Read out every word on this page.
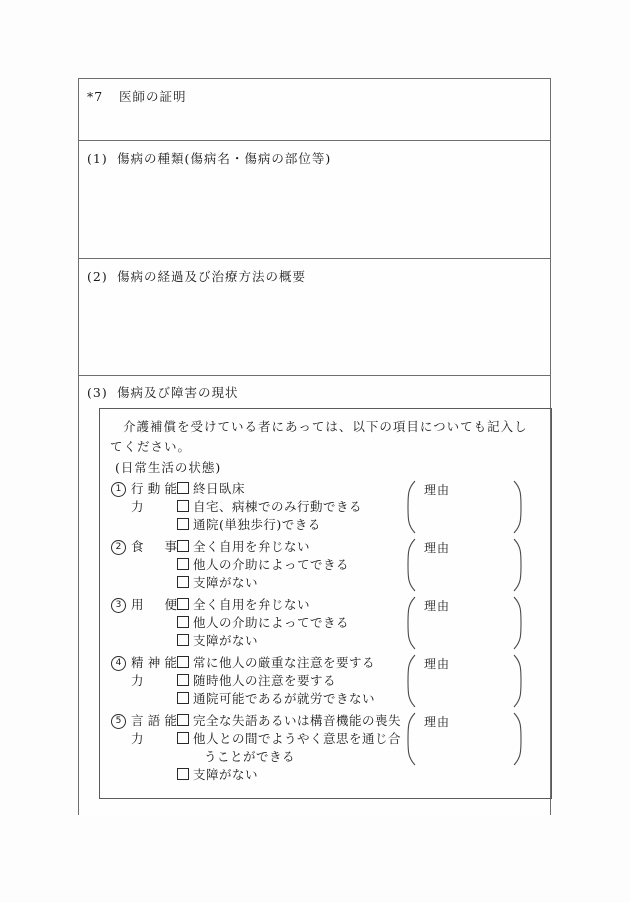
*7 医師の証明
(1) 傷病の種類(傷病名・傷病の部位等)
(2) 傷病の経過及び治療方法の概要
(3) 傷病及び障害の現状

介護補償を受けている者にあっては、以下の項目についても記入してください。

(日常生活の状態)

1 行動能力
終日臥床
自宅、病棟でのみ行動できる
通院(単独歩行)できる
理由
2 食事	全く自用を弁じない
他人の介助によってできる
支障がない
理由
3 用便	全く自用を弁じない
他人の介助によってできる
支障がない
理由
4 精神能力
常に他人の厳重な注意を要する
随時他人の注意を要する
通院可能であるが就労できない
理由
5 言語能力
完全な失語あるいは構音機能の喪失
他人との間でようやく意思を通じ合うことができる
支障がない
理由
